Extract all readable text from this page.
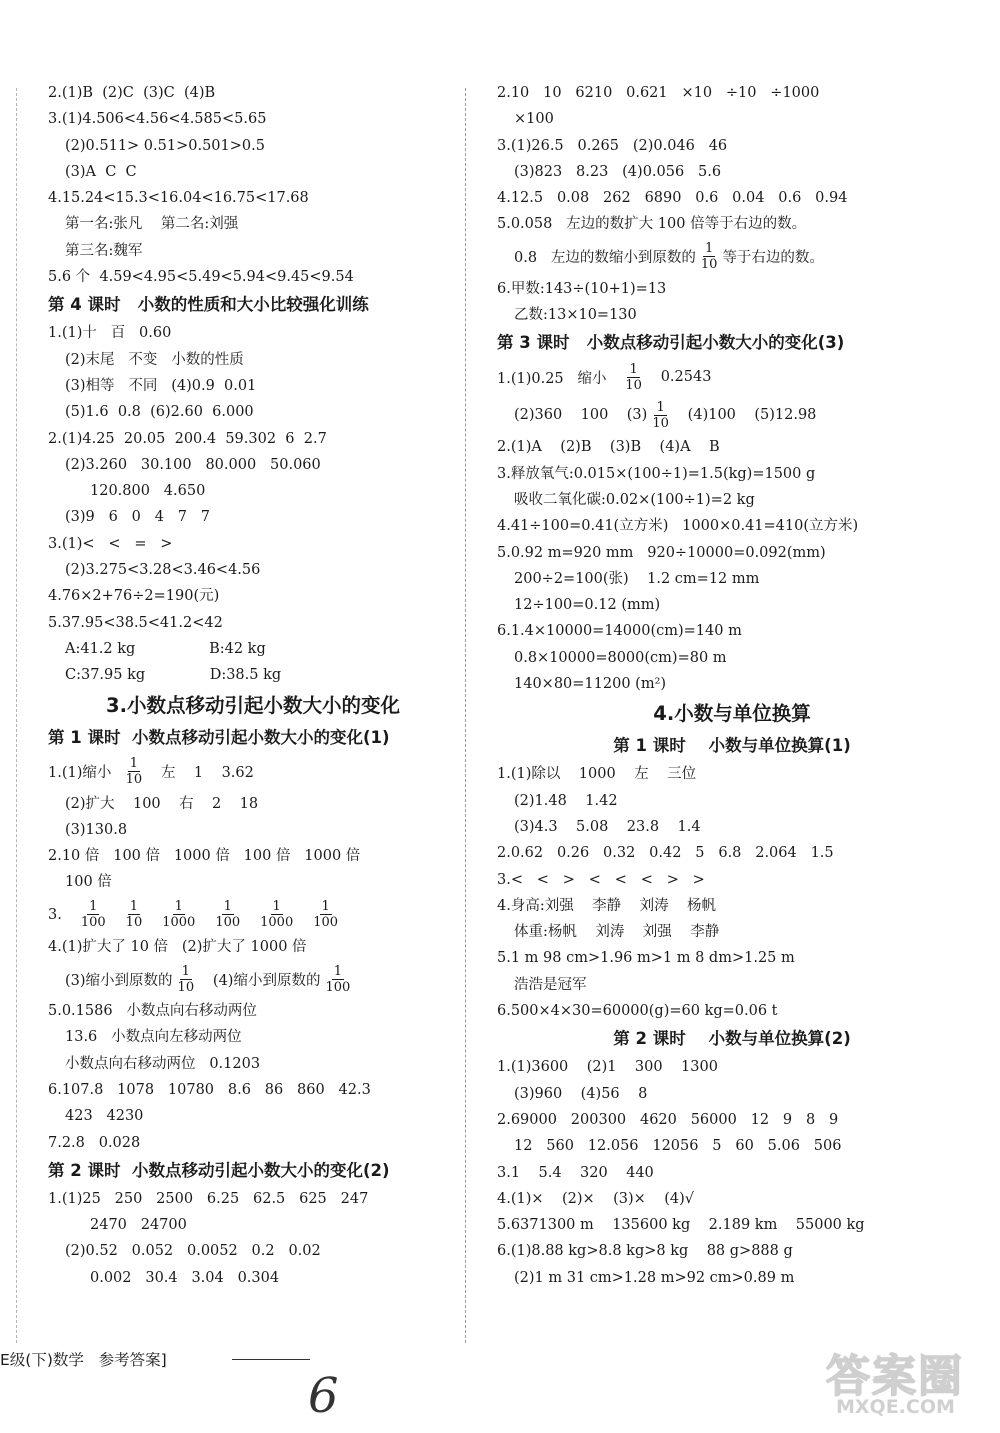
2.(1)B  (2)C  (3)C  (4)B
3.(1)4.506<4.56<4.585<5.65
(2)0.511> 0.51>0.501>0.5
(3)A  C  C
4.15.24<15.3<16.04<16.75<17.68
第一名:张凡    第二名:刘强
第三名:魏军
5.6 个  4.59<4.95<5.49<5.94<9.45<9.54
第 4 课时   小数的性质和大小比较强化训练
1.(1)十   百   0.60
(2)末尾   不变   小数的性质
(3)相等   不同   (4)0.9  0.01
(5)1.6  0.8  (6)2.60  6.000
2.(1)4.25  20.05  200.4  59.302  6  2.7
(2)3.260   30.100   80.000   50.060
120.800   4.650
(3)9   6   0   4   7   7
3.(1)<   <   =   >
(2)3.275<3.28<3.46<4.56
4.76×2+76÷2=190(元)
5.37.95<38.5<41.2<42
A:41.2 kg                B:42 kg
C:37.95 kg              D:38.5 kg
3.小数点移动引起小数大小的变化
第 1 课时  小数点移动引起小数大小的变化(1)
1.(1)缩小 $\frac{1}{10}$ 左    1    3.62
(2)扩大    100    右    2    18
(3)130.8
2.10 倍   100 倍   1000 倍   100 倍   1000 倍
100 倍
3. $\frac{1}{100} \frac{1}{10} \frac{1}{1000} \frac{1}{100} \frac{1}{1000} \frac{1}{100}$
4.(1)扩大了 10 倍   (2)扩大了 1000 倍
(3)缩小到原数的 $\frac{1}{10} (4)$缩小到原数的 $\frac{1}{100}$
5.0.1586   小数点向右移动两位
13.6   小数点向左移动两位
小数点向右移动两位   0.1203
6.107.8   1078   10780   8.6   86   860   42.3
423   4230
7.2.8   0.028
第 2 课时  小数点移动引起小数大小的变化(2)
1.(1)25   250   2500   6.25   62.5   625   247
2470   24700
(2)0.52   0.052   0.0052   0.2   0.02
0.002   30.4   3.04   0.304
2.10   10   6210   0.621   ×10   ÷10   ÷1000
×100
3.(1)26.5   0.265   (2)0.046   46
(3)823   8.23   (4)0.056   5.6
4.12.5   0.08   262   6890   0.6   0.04   0.6   0.94
5.0.058   左边的数扩大 100 倍等于右边的数。
0.8   左边的数缩小到原数的 $\frac{1}{10}$ 等于右边的数。
6.甲数:143÷(10+1)=13
乙数:13×10=130
第 3 课时   小数点移动引起小数大小的变化(3)
1.(1)0.25   缩小 $\frac{1}{10} 0.2543$
(2)360    100    $(3) \frac{1}{10} (4)100$    (5)12.98
2.(1)A    (2)B    (3)B    (4)A    B
3.释放氧气:0.015×(100÷1)=1.5(kg)=1500 g
吸收二氧化碳:0.02×(100÷1)=2 kg
4.41÷100=0.41(立方米)   1000×0.41=410(立方米)
5.0.92 m=920 mm   920÷10000=0.092(mm)
200÷2=100(张)    1.2 cm=12 mm
12÷100=0.12 (mm)
6.1.4×10000=14000(cm)=140 m
0.8×10000=8000(cm)=80 m
140×80=11200 (m²)
4.小数与单位换算
第 1 课时    小数与单位换算(1)
1.(1)除以    1000    左    三位
(2)1.48    1.42
(3)4.3    5.08    23.8    1.4
2.0.62   0.26   0.32   0.42   5   6.8   2.064   1.5
3.<   <   >   <   <   <   >   >
4.身高:刘强    李静    刘涛    杨帆
体重:杨帆    刘涛    刘强    李静
5.1 m 98 cm>1.96 m>1 m 8 dm>1.25 m
浩浩是冠军
6.500×4×30=60000(g)=60 kg=0.06 t
第 2 课时    小数与单位换算(2)
1.(1)3600    (2)1    300    1300
(3)960    (4)56    8
2.69000   200300   4620   56000   12   9   8   9
12   560   12.056   12056   5   60   5.06   506
3.1    5.4    320    440
4.(1)×    (2)×    (3)×    (4)√
5.6371300 m    135600 kg    2.189 km    55000 kg
6.(1)8.88 kg>8.8 kg>8 kg    88 g>888 g
(2)1 m 31 cm>1.28 m>92 cm>0.89 m
E级(下)数学   参考答案]
6	答案圈
MXQE.COM
